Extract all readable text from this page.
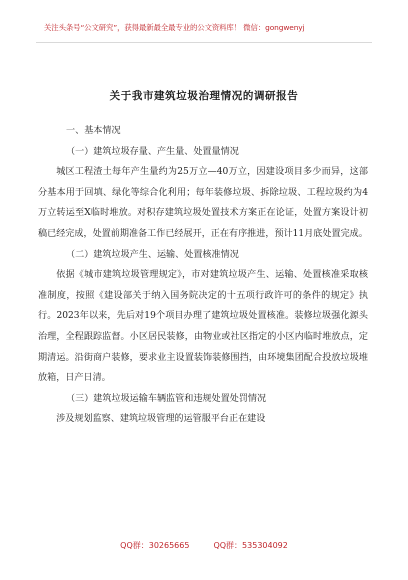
关注头条号“公文研究”，获得最新最全最专业的公文资料库！ 微信：gongwenyj
关于我市建筑垃圾治理情况的调研报告

一、基本情况

（一）建筑垃圾存量、产生量、处置量情况

城区工程渣土每年产生量约为25万立—40万立，因建设项目多少而异，这部分基本用于回填、绿化等综合化利用；每年装修垃圾、拆除垃圾、工程垃圾约为4万立转运至X临时堆放。对积存建筑垃圾处置技术方案正在论证，处置方案设计初稿已经完成，处置前期准备工作已经展开，正在有序推进，预计11月底处置完成。

（二）建筑垃圾产生、运输、处置核准情况

依据《城市建筑垃圾管理规定》，市对建筑垃圾产生、运输、处置核准采取核准制度，按照《建设部关于纳入国务院决定的十五项行政许可的条件的规定》执行。2023年以来，先后对19个项目办理了建筑垃圾处置核准。装修垃圾强化源头治理，全程跟踪监督。小区居民装修，由物业或社区指定的小区内临时堆放点，定期清运。沿街商户装修，要求业主设置装饰装修围挡，由环境集团配合投放垃圾堆放箱，日产日清。

（三）建筑垃圾运输车辆监管和违规处置处罚情况

涉及规划监察、建筑垃圾管理的运管服平台正在建设

QQ群：30265665	QQ群：535304092
